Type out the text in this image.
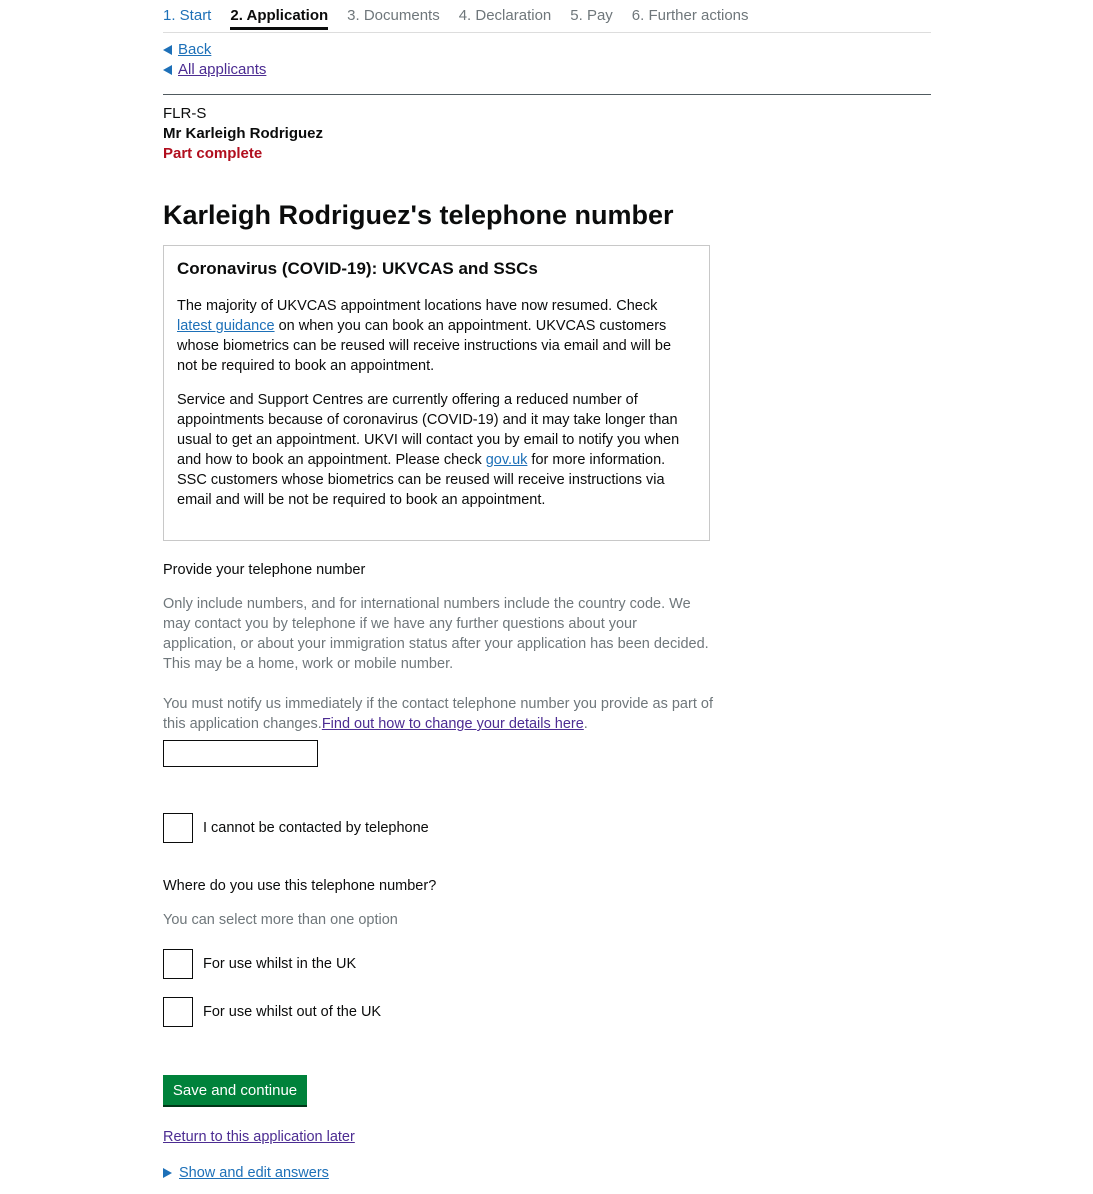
1. Start 2. Application 3. Documents 4. Declaration 5. Pay 6. Further actions
Back
All applicants
FLR-S
Mr Karleigh Rodriguez
Part complete
Karleigh Rodriguez's telephone number
Coronavirus (COVID-19): UKVCAS and SSCs

The majority of UKVCAS appointment locations have now resumed. Check latest guidance on when you can book an appointment. UKVCAS customers whose biometrics can be reused will receive instructions via email and will be not be required to book an appointment.

Service and Support Centres are currently offering a reduced number of appointments because of coronavirus (COVID-19) and it may take longer than usual to get an appointment. UKVI will contact you by email to notify you when and how to book an appointment. Please check gov.uk for more information. SSC customers whose biometrics can be reused will receive instructions via email and will be not be required to book an appointment.

Provide your telephone number
Only include numbers, and for international numbers include the country code. We may contact you by telephone if we have any further questions about your application, or about your immigration status after your application has been decided. This may be a home, work or mobile number.
You must notify us immediately if the contact telephone number you provide as part of this application changes.Find out how to change your details here.
I cannot be contacted by telephone
Where do you use this telephone number?
You can select more than one option
For use whilst in the UK
For use whilst out of the UK
Save and continue
Return to this application later
Show and edit answers
